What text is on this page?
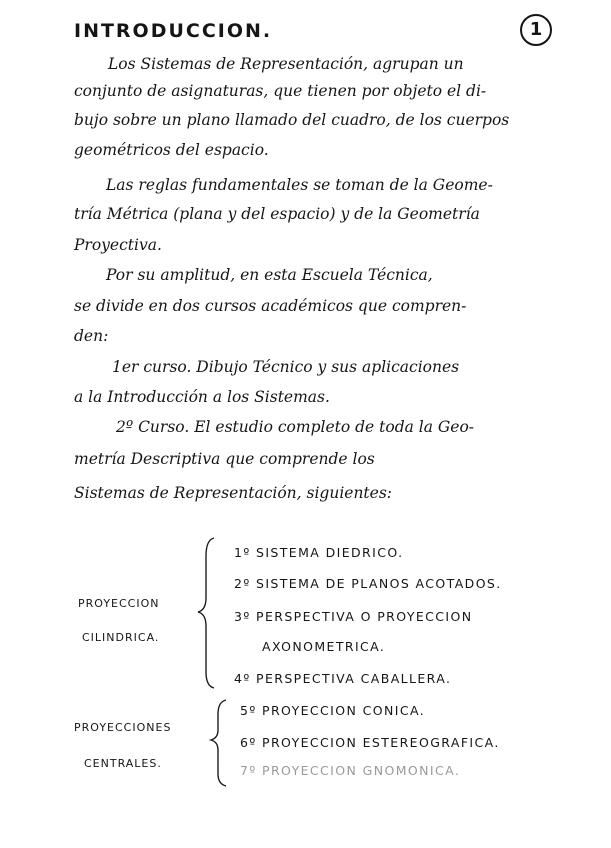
INTRODUCCION.	1
Los Sistemas de Representación, agrupan un
conjunto de asignaturas, que tienen por objeto el di-
bujo sobre un plano llamado del cuadro, de los cuerpos
geométricos del espacio.
Las reglas fundamentales se toman de la Geome-
tría Métrica (plana y del espacio) y de la Geometría
Proyectiva.
Por su amplitud, en esta Escuela Técnica,
se divide en dos cursos académicos que compren-
den:
1er curso. Dibujo Técnico y sus aplicaciones
a la Introducción a los Sistemas.
2º Curso. El estudio completo de toda la Geo-
metría Descriptiva que comprende los
Sistemas de Representación, siguientes:
PROYECCION
CILINDRICA.
PROYECCIONES
CENTRALES.
1º SISTEMA DIEDRICO.
2º SISTEMA DE PLANOS ACOTADOS.
3º PERSPECTIVA O PROYECCION
AXONOMETRICA.
4º PERSPECTIVA CABALLERA.
5º PROYECCION CONICA.
6º PROYECCION ESTEREOGRAFICA.
7º PROYECCION GNOMONICA.
